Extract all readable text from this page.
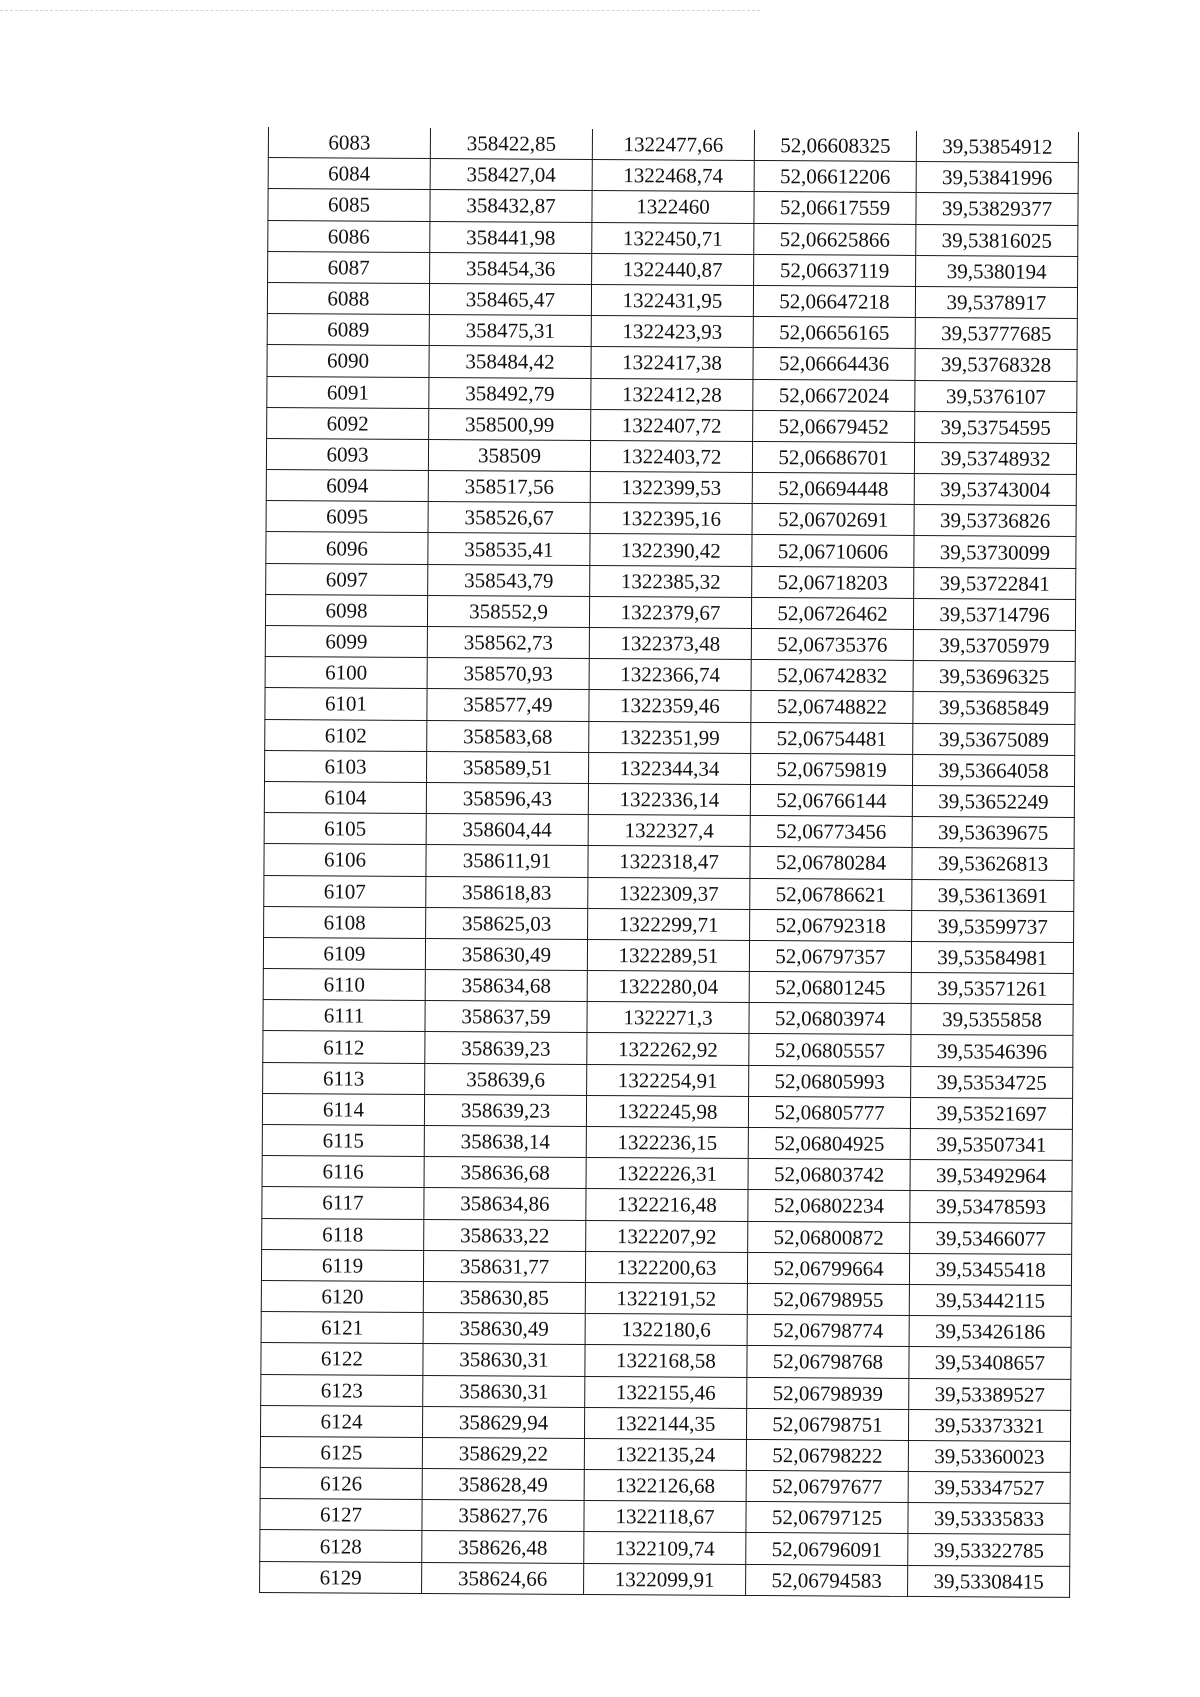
6083	358422,85	1322477,66	52,06608325	39,53854912
6084	358427,04	1322468,74	52,06612206	39,53841996
6085	358432,87	1322460	52,06617559	39,53829377
6086	358441,98	1322450,71	52,06625866	39,53816025
6087	358454,36	1322440,87	52,06637119	39,5380194
6088	358465,47	1322431,95	52,06647218	39,5378917
6089	358475,31	1322423,93	52,06656165	39,53777685
6090	358484,42	1322417,38	52,06664436	39,53768328
6091	358492,79	1322412,28	52,06672024	39,5376107
6092	358500,99	1322407,72	52,06679452	39,53754595
6093	358509	1322403,72	52,06686701	39,53748932
6094	358517,56	1322399,53	52,06694448	39,53743004
6095	358526,67	1322395,16	52,06702691	39,53736826
6096	358535,41	1322390,42	52,06710606	39,53730099
6097	358543,79	1322385,32	52,06718203	39,53722841
6098	358552,9	1322379,67	52,06726462	39,53714796
6099	358562,73	1322373,48	52,06735376	39,53705979
6100	358570,93	1322366,74	52,06742832	39,53696325
6101	358577,49	1322359,46	52,06748822	39,53685849
6102	358583,68	1322351,99	52,06754481	39,53675089
6103	358589,51	1322344,34	52,06759819	39,53664058
6104	358596,43	1322336,14	52,06766144	39,53652249
6105	358604,44	1322327,4	52,06773456	39,53639675
6106	358611,91	1322318,47	52,06780284	39,53626813
6107	358618,83	1322309,37	52,06786621	39,53613691
6108	358625,03	1322299,71	52,06792318	39,53599737
6109	358630,49	1322289,51	52,06797357	39,53584981
6110	358634,68	1322280,04	52,06801245	39,53571261
6111	358637,59	1322271,3	52,06803974	39,5355858
6112	358639,23	1322262,92	52,06805557	39,53546396
6113	358639,6	1322254,91	52,06805993	39,53534725
6114	358639,23	1322245,98	52,06805777	39,53521697
6115	358638,14	1322236,15	52,06804925	39,53507341
6116	358636,68	1322226,31	52,06803742	39,53492964
6117	358634,86	1322216,48	52,06802234	39,53478593
6118	358633,22	1322207,92	52,06800872	39,53466077
6119	358631,77	1322200,63	52,06799664	39,53455418
6120	358630,85	1322191,52	52,06798955	39,53442115
6121	358630,49	1322180,6	52,06798774	39,53426186
6122	358630,31	1322168,58	52,06798768	39,53408657
6123	358630,31	1322155,46	52,06798939	39,53389527
6124	358629,94	1322144,35	52,06798751	39,53373321
6125	358629,22	1322135,24	52,06798222	39,53360023
6126	358628,49	1322126,68	52,06797677	39,53347527
6127	358627,76	1322118,67	52,06797125	39,53335833
6128	358626,48	1322109,74	52,06796091	39,53322785
6129	358624,66	1322099,91	52,06794583	39,53308415
